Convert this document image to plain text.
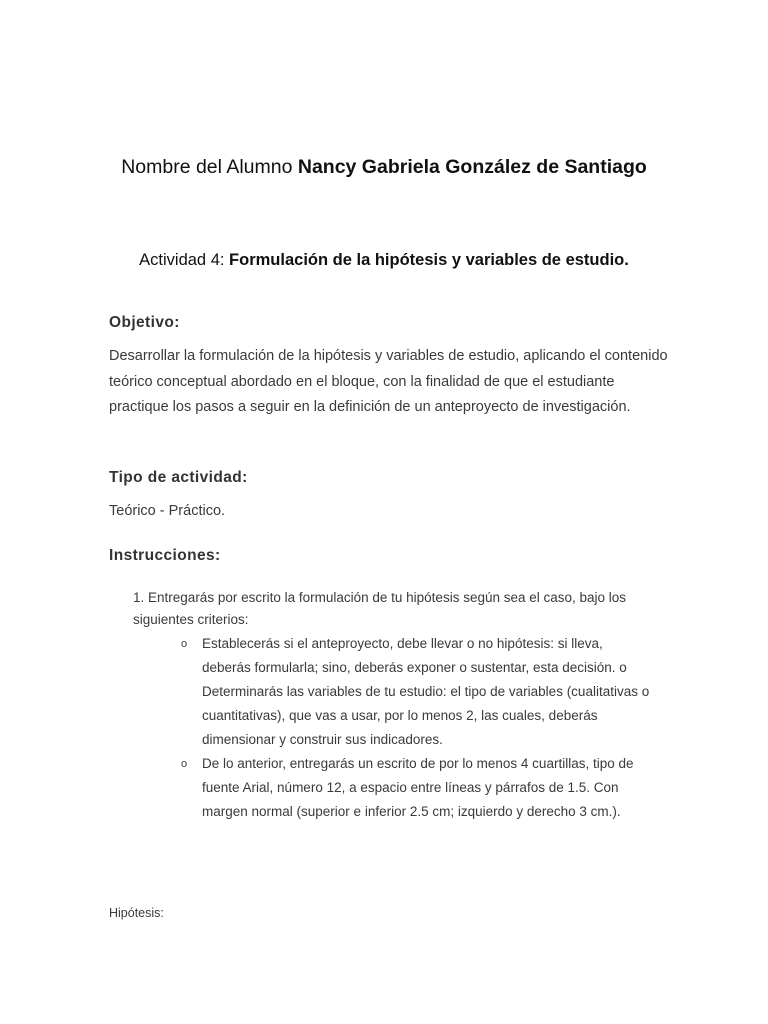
Nombre del Alumno Nancy Gabriela González de Santiago
Actividad 4: Formulación de la hipótesis y variables de estudio.
Objetivo:
Desarrollar la formulación de la hipótesis y variables de estudio, aplicando el contenido teórico conceptual abordado en el bloque, con la finalidad de que el estudiante practique los pasos a seguir en la definición de un anteproyecto de investigación.
Tipo de actividad:
Teórico - Práctico.
Instrucciones:
1. Entregarás por escrito la formulación de tu hipótesis según sea el caso, bajo los siguientes criterios:
o Establecerás si el anteproyecto, debe llevar o no hipótesis: si lleva, deberás formularla; sino, deberás exponer o sustentar, esta decisión. o Determinarás las variables de tu estudio: el tipo de variables (cualitativas o cuantitativas), que vas a usar, por lo menos 2, las cuales, deberás dimensionar y construir sus indicadores.
o De lo anterior, entregarás un escrito de por lo menos 4 cuartillas, tipo de fuente Arial, número 12, a espacio entre líneas y párrafos de 1.5. Con margen normal (superior e inferior 2.5 cm; izquierdo y derecho 3 cm.).
Hipótesis:
